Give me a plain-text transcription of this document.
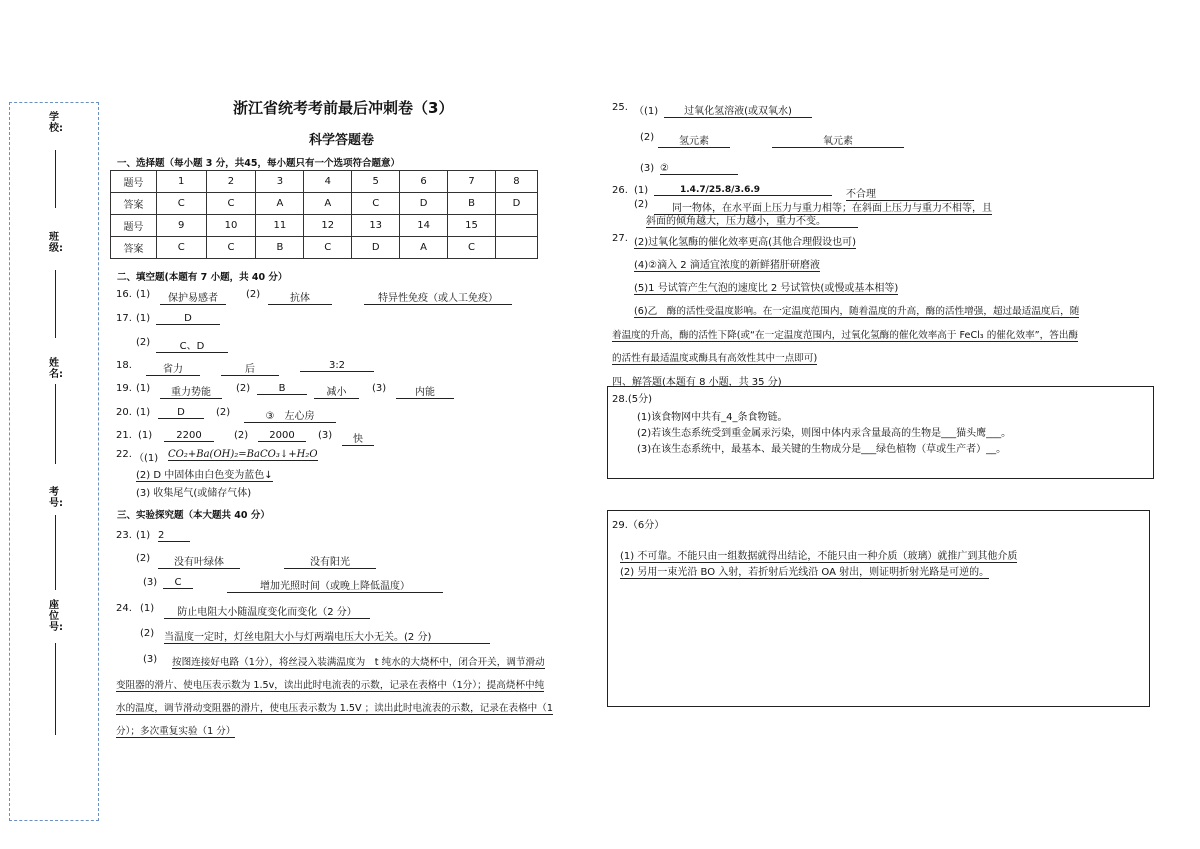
学校:
班级:
姓名:
考号:
座位号:
浙江省统考考前最后冲刺卷（3）
科学答题卷
一、选择题（每小题 3 分，共45，每小题只有一个选项符合题意）
题号	1	2	3	4	5	6	7	8
答案	C	C	A	A	C	D	B	D
题号	9	10	11	12	13	14	15	
答案	C	C	B	C	D	A	C	
二、填空题(本题有 7 小题，共 40 分）
16. (1)	保护易感者	(2)	抗体	特异性免疫（或人工免疫）
17. (1)	D
(2)	C、D
18.	省力	后	3:2
19. (1)	重力势能	(2)	B	减小	(3)	内能
20. (1)	D	(2)	③　左心房
21. (1)	2200	(2)	2000	(3)	快
22. （(1) CO₂+Ba(OH)₂=BaCO₃↓+H₂O
(2) D 中固体由白色变为蓝色↓
(3) 收集尾气(或储存气体)
三、实验探究题（本大题共 40 分）
23. (1) 2
(2)	没有叶绿体	没有阳光
(3)	C	增加光照时间（或晚上降低温度）
24. (1)	防止电阻大小随温度变化而变化（2 分）
(2) 当温度一定时，灯丝电阻大小与灯两端电压大小无关。(2 分)
(3) 按图连接好电路（1分），将丝浸入装满温度为　t 纯水的大烧杯中，闭合开关，调节滑动
变阻器的滑片、使电压表示数为 1.5v，读出此时电流表的示数，记录在表格中（1分）；提高烧杯中纯
水的温度，调节滑动变阻器的滑片，使电压表示数为 1.5V ；读出此时电流表的示数，记录在表格中（1
分）；多次重复实验（1 分）
25. （(1)	过氧化氢溶液(或双氧水)
(2)	氢元素	氧元素
(3) ②
26. (1)	1.4.7/25.8/3.6.9	不合理
(2)	同一物体，在水平面上压力与重力相等；在斜面上压力与重力不相等，且
斜面的倾角越大，压力越小，重力不变。
27. (2)过氧化氢酶的催化效率更高(其他合理假设也可)
(4)②滴入 2 滴适宜浓度的新鲜猪肝研磨液
(5)1 号试管产生气泡的速度比 2 号试管快(或慢或基本相等)
(6)乙　酶的活性受温度影响。在一定温度范围内，随着温度的升高，酶的活性增强，超过最适温度后，随
着温度的升高，酶的活性下降(或“在一定温度范围内，过氧化氢酶的催化效率高于 FeCl₃ 的催化效率”，答出酶
的活性有最适温度或酶具有高效性其中一点即可)
四、解答题(本题有 8 小题，共 35 分)
28.(5分)
(1)该食物网中共有_4_条食物链。
(2)若该生态系统受到重金属汞污染，则图中体内汞含量最高的生物是___猫头鹰___。
(3)在该生态系统中，最基本、最关键的生物成分是___绿色植物（草或生产者）__。
29.（6分）
(1) 不可靠。不能只由一组数据就得出结论，不能只由一种介质（玻璃）就推广到其他介质
(2) 另用一束光沿 BO 入射，若折射后光线沿 OA 射出，则证明折射光路是可逆的。
